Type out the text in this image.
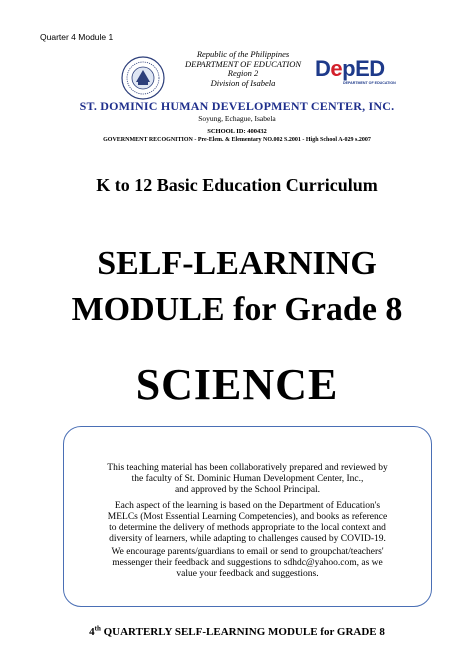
Quarter 4 Module 1
Republic of the Philippines
DEPARTMENT OF EDUCATION
Region 2
Division of Isabela
DepED
DEPARTMENT OF EDUCATION
ST. DOMINIC HUMAN DEVELOPMENT CENTER, INC.
Soyung, Echague, Isabela
SCHOOL ID: 400432
GOVERNMENT RECOGNITION - Pre-Elem. & Elementary NO.002 S.2001 - High School A-029 s.2007
K to 12 Basic Education Curriculum
SELF-LEARNING
MODULE for Grade 8
SCIENCE
This teaching material has been collaboratively prepared and reviewed by
the faculty of St. Dominic Human Development Center, Inc.,
and approved by the School Principal.
Each aspect of the learning is based on the Department of Education's
MELCs (Most Essential Learning Competencies), and books as reference
to determine the delivery of methods appropriate to the local context and
diversity of learners, while adapting to challenges caused by COVID-19.
We encourage parents/guardians to email or send to groupchat/teachers'
messenger their feedback and suggestions to sdhdc@yahoo.com, as we
value your feedback and suggestions.
4th QUARTERLY SELF-LEARNING MODULE for GRADE 8
